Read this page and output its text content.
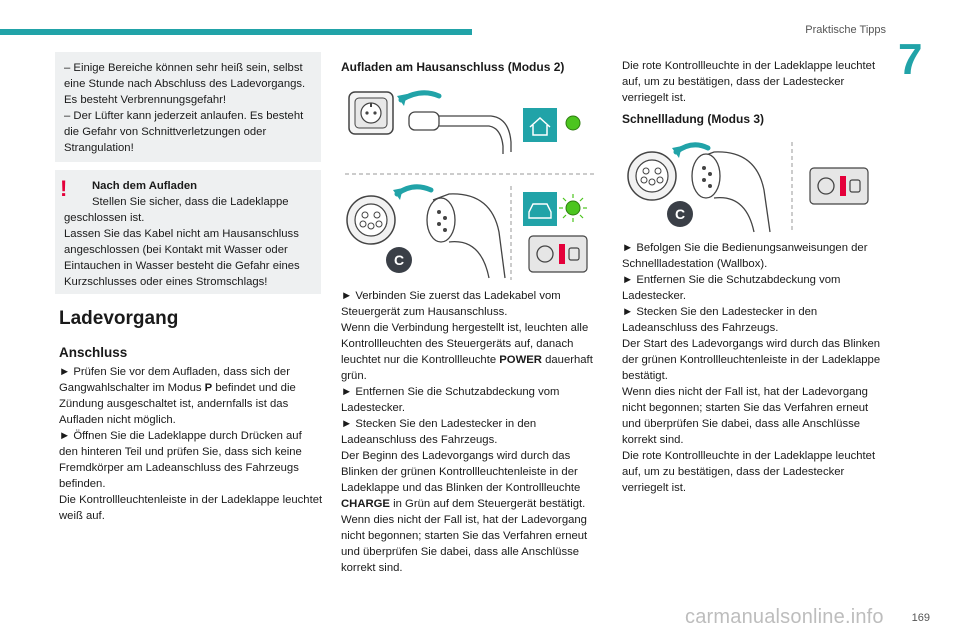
Praktische Tipps
7
– Einige Bereiche können sehr heiß sein, selbst eine Stunde nach Abschluss des Ladevorgangs. Es besteht Verbrennungsgefahr!
– Der Lüfter kann jederzeit anlaufen. Es besteht die Gefahr von Schnittverletzungen oder Strangulation!
!	Nach dem Aufladen
Stellen Sie sicher, dass die Ladeklappe geschlossen ist.
Lassen Sie das Kabel nicht am Hausanschluss angeschlossen (bei Kontakt mit Wasser oder Eintauchen in Wasser besteht die Gefahr eines Kurzschlusses oder eines Stromschlags!
Ladevorgang
Anschluss
► Prüfen Sie vor dem Aufladen, dass sich der Gangwahlschalter im Modus P befindet und die Zündung ausgeschaltet ist, andernfalls ist das Aufladen nicht möglich.
► Öffnen Sie die Ladeklappe durch Drücken auf den hinteren Teil und prüfen Sie, dass sich keine Fremdkörper am Ladeanschluss des Fahrzeugs befinden.
Die Kontrollleuchtenleiste in der Ladeklappe leuchtet weiß auf.
Aufladen am Hausanschluss (Modus 2)
C
► Verbinden Sie zuerst das Ladekabel vom Steuergerät zum Hausanschluss.
Wenn die Verbindung hergestellt ist, leuchten alle Kontrollleuchten des Steuergeräts auf, danach leuchtet nur die Kontrollleuchte POWER dauerhaft grün.
► Entfernen Sie die Schutzabdeckung vom Ladestecker.
► Stecken Sie den Ladestecker in den Ladeanschluss des Fahrzeugs.
Der Beginn des Ladevorgangs wird durch das Blinken der grünen Kontrollleuchtenleiste in der Ladeklappe und das Blinken der Kontrollleuchte CHARGE in Grün auf dem Steuergerät bestätigt.
Wenn dies nicht der Fall ist, hat der Ladevorgang nicht begonnen; starten Sie das Verfahren erneut und überprüfen Sie dabei, dass alle Anschlüsse korrekt sind.
Die rote Kontrollleuchte in der Ladeklappe leuchtet auf, um zu bestätigen, dass der Ladestecker verriegelt ist.
Schnellladung (Modus 3)
C
► Befolgen Sie die Bedienungsanweisungen der Schnellladestation (Wallbox).
► Entfernen Sie die Schutzabdeckung vom Ladestecker.
► Stecken Sie den Ladestecker in den Ladeanschluss des Fahrzeugs.
Der Start des Ladevorgangs wird durch das Blinken der grünen Kontrollleuchtenleiste in der Ladeklappe bestätigt.
Wenn dies nicht der Fall ist, hat der Ladevorgang nicht begonnen; starten Sie das Verfahren erneut und überprüfen Sie dabei, dass alle Anschlüsse korrekt sind.
Die rote Kontrollleuchte in der Ladeklappe leuchtet auf, um zu bestätigen, dass der Ladestecker verriegelt ist.
carmanualsonline.info	169
